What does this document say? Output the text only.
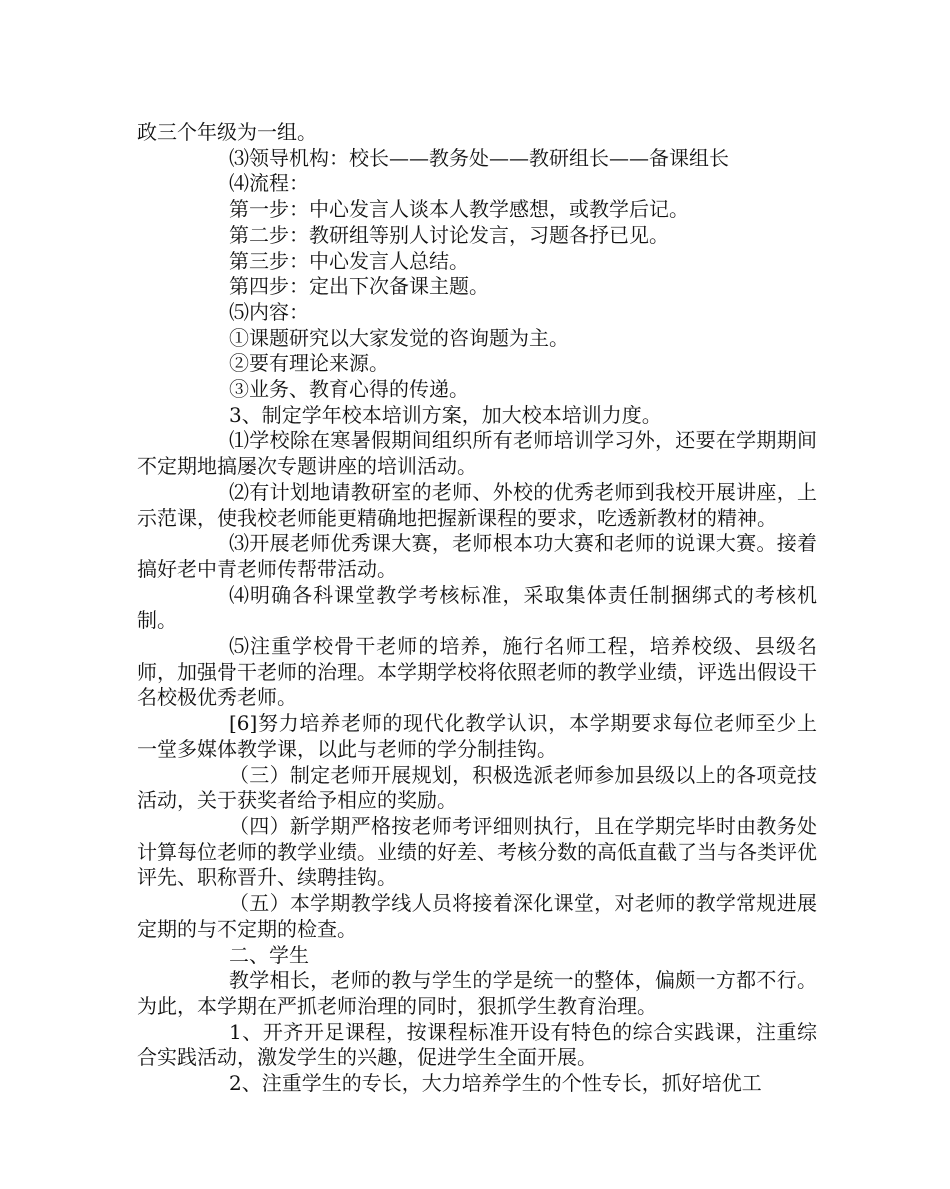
政三个年级为一组。

⑶领导机构：校长——教务处——教研组长——备课组长

⑷流程：

第一步：中心发言人谈本人教学感想，或教学后记。

第二步：教研组等别人讨论发言，习题各抒已见。

第三步：中心发言人总结。

第四步：定出下次备课主题。

⑸内容：

①课题研究以大家发觉的咨询题为主。

②要有理论来源。

③业务、教育心得的传递。

3、制定学年校本培训方案，加大校本培训力度。

⑴学校除在寒暑假期间组织所有老师培训学习外，还要在学期期间不定期地搞屡次专题讲座的培训活动。

⑵有计划地请教研室的老师、外校的优秀老师到我校开展讲座，上示范课，使我校老师能更精确地把握新课程的要求，吃透新教材的精神。

⑶开展老师优秀课大赛，老师根本功大赛和老师的说课大赛。接着搞好老中青老师传帮带活动。

⑷明确各科课堂教学考核标准，采取集体责任制捆绑式的考核机制。

⑸注重学校骨干老师的培养，施行名师工程，培养校级、县级名师，加强骨干老师的治理。本学期学校将依照老师的教学业绩，评选出假设干名校极优秀老师。

[6]努力培养老师的现代化教学认识，本学期要求每位老师至少上一堂多媒体教学课，以此与老师的学分制挂钩。

（三）制定老师开展规划，积极选派老师参加县级以上的各项竞技活动，关于获奖者给予相应的奖励。

（四）新学期严格按老师考评细则执行，且在学期完毕时由教务处计算每位老师的教学业绩。业绩的好差、考核分数的高低直截了当与各类评优评先、职称晋升、续聘挂钩。

（五）本学期教学线人员将接着深化课堂，对老师的教学常规进展定期的与不定期的检查。

二、学生

教学相长，老师的教与学生的学是统一的整体，偏颇一方都不行。为此，本学期在严抓老师治理的同时，狠抓学生教育治理。

1、开齐开足课程，按课程标准开设有特色的综合实践课，注重综合实践活动，激发学生的兴趣，促进学生全面开展。

2、注重学生的专长，大力培养学生的个性专长，抓好培优工
